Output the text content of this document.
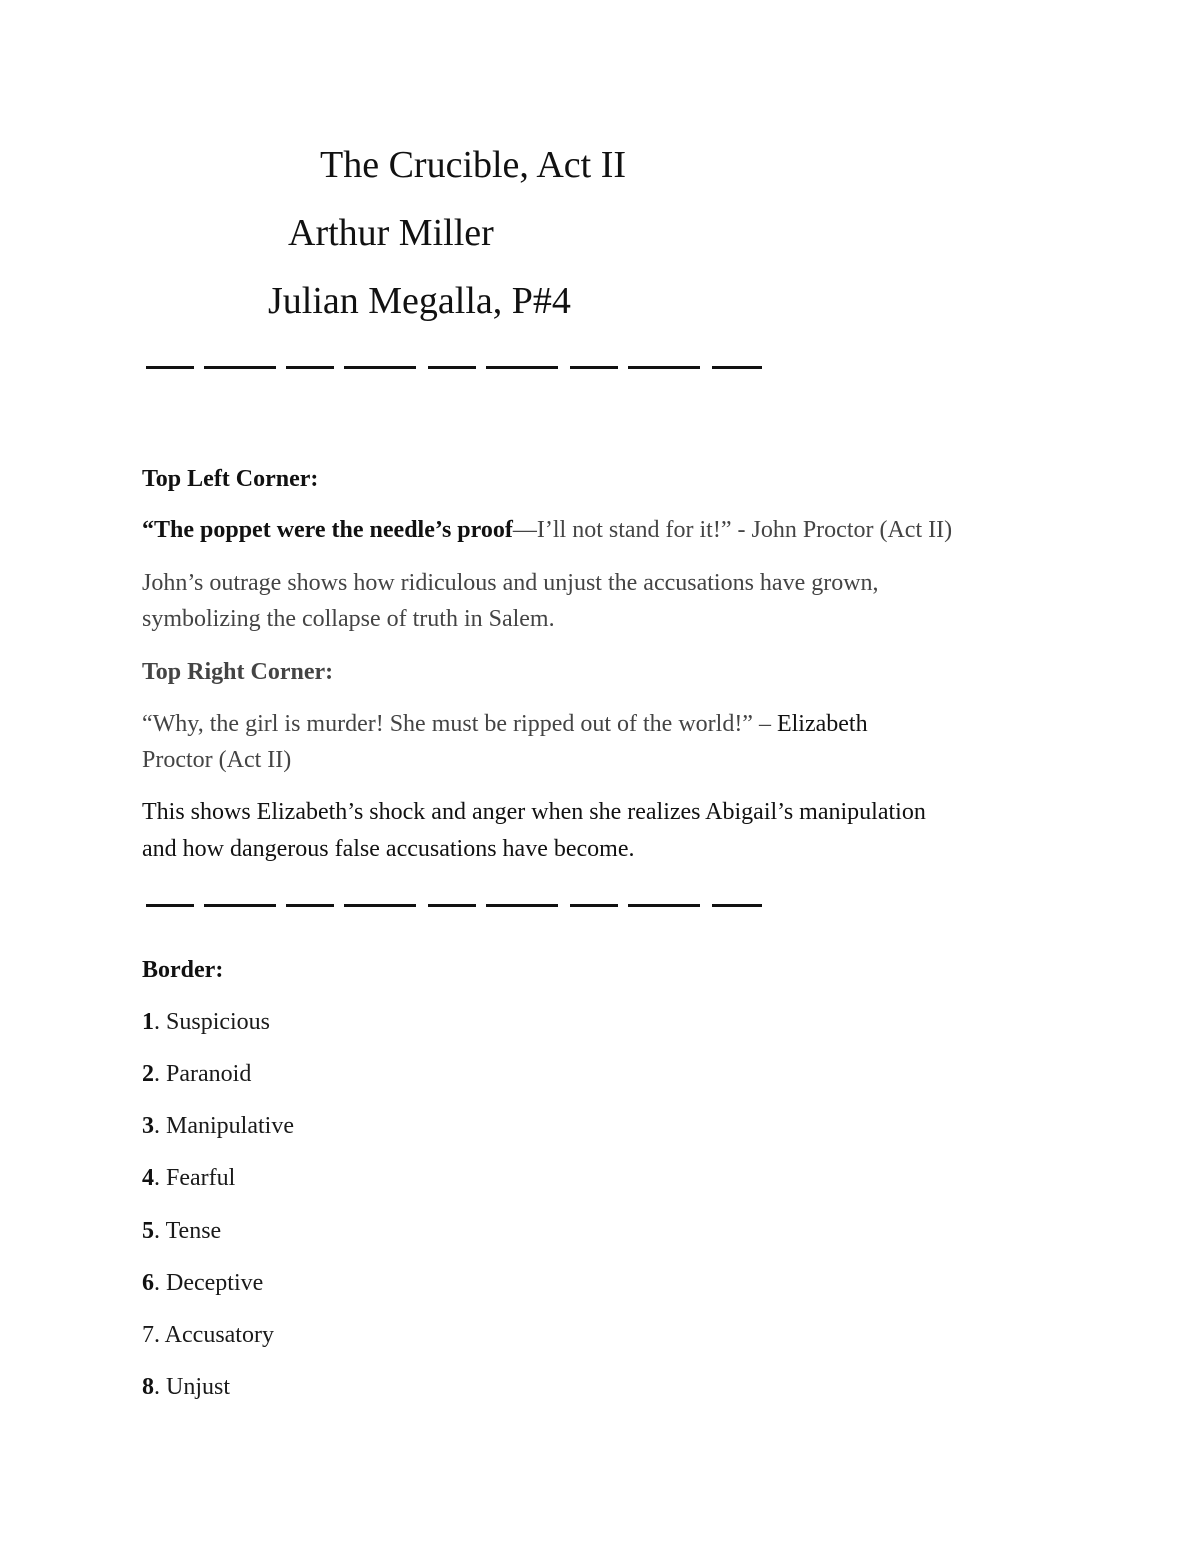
The Crucible, Act II
Arthur Miller
Julian Megalla, P#4
Top Left Corner:
“The poppet were the needle’s proof—I’ll not stand for it!” - John Proctor (Act II)
John’s outrage shows how ridiculous and unjust the accusations have grown,
symbolizing the collapse of truth in Salem.
Top Right Corner:
“Why, the girl is murder! She must be ripped out of the world!” – Elizabeth
Proctor (Act II)
This shows Elizabeth’s shock and anger when she realizes Abigail’s manipulation
and how dangerous false accusations have become.
Border:
1. Suspicious
2. Paranoid
3. Manipulative
4. Fearful
5. Tense
6. Deceptive
7. Accusatory
8. Unjust
